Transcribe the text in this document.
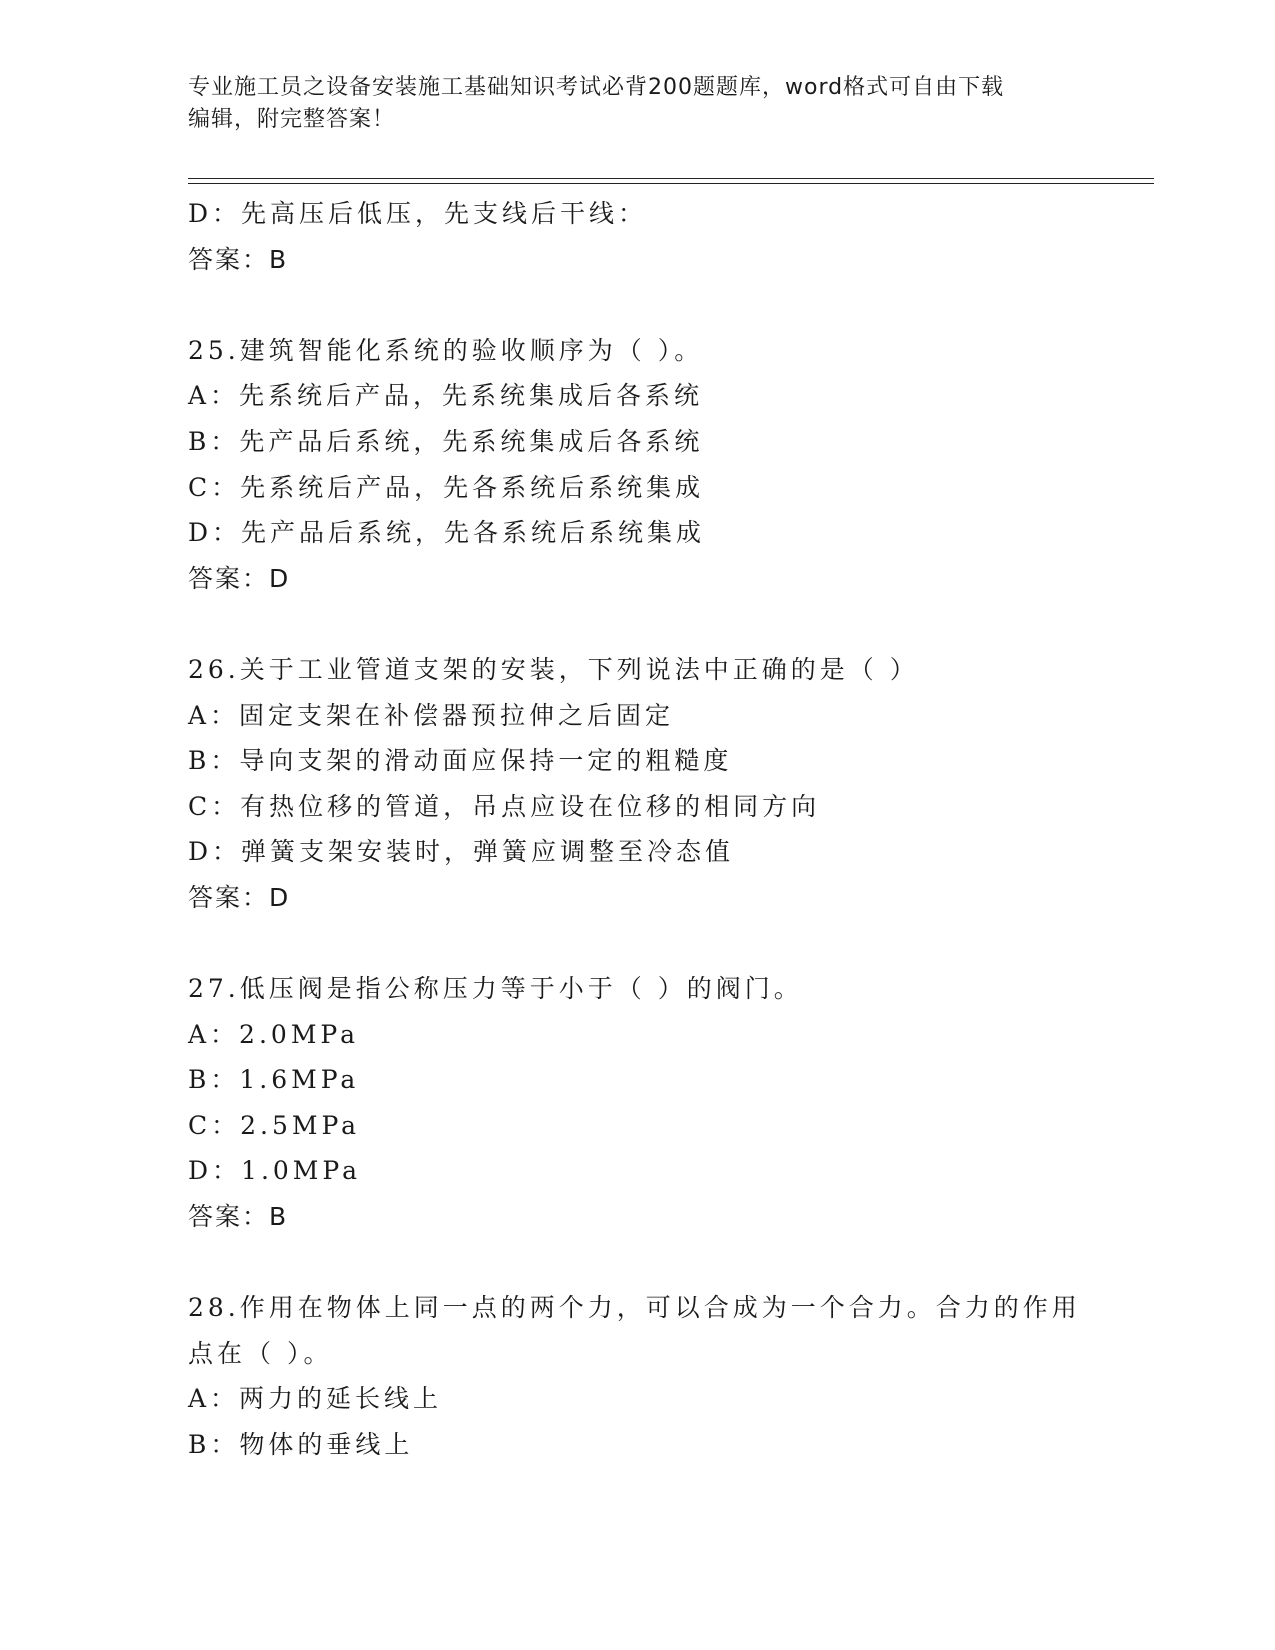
专业施工员之设备安装施工基础知识考试必背200题题库，word格式可自由下载
编辑，附完整答案！
D：先高压后低压，先支线后干线：
答案：B
25.建筑智能化系统的验收顺序为（ ）。
A：先系统后产品，先系统集成后各系统
B：先产品后系统，先系统集成后各系统
C：先系统后产品，先各系统后系统集成
D：先产品后系统，先各系统后系统集成
答案：D
26.关于工业管道支架的安装，下列说法中正确的是（ ）
A：固定支架在补偿器预拉伸之后固定
B：导向支架的滑动面应保持一定的粗糙度
C：有热位移的管道，吊点应设在位移的相同方向
D：弹簧支架安装时，弹簧应调整至冷态值
答案：D
27.低压阀是指公称压力等于小于（ ）的阀门。
A：2.0MPa
B：1.6MPa
C：2.5MPa
D：1.0MPa
答案：B
28.作用在物体上同一点的两个力，可以合成为一个合力。合力的作用
点在（ ）。
A：两力的延长线上
B：物体的垂线上
